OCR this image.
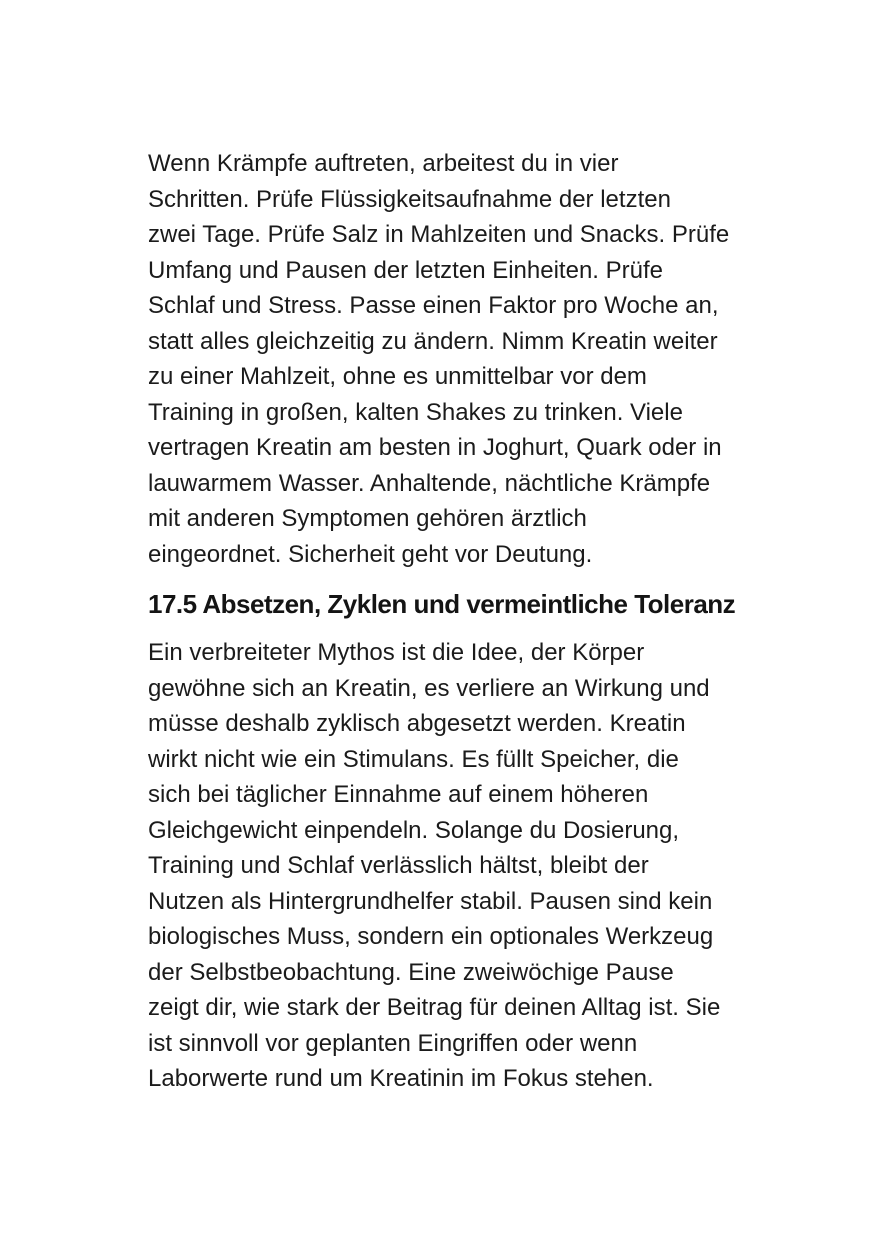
Wenn Krämpfe auftreten, arbeitest du in vier
Schritten. Prüfe Flüssigkeitsaufnahme der letzten
zwei Tage. Prüfe Salz in Mahlzeiten und Snacks. Prüfe
Umfang und Pausen der letzten Einheiten. Prüfe
Schlaf und Stress. Passe einen Faktor pro Woche an,
statt alles gleichzeitig zu ändern. Nimm Kreatin weiter
zu einer Mahlzeit, ohne es unmittelbar vor dem
Training in großen, kalten Shakes zu trinken. Viele
vertragen Kreatin am besten in Joghurt, Quark oder in
lauwarmem Wasser. Anhaltende, nächtliche Krämpfe
mit anderen Symptomen gehören ärztlich
eingeordnet. Sicherheit geht vor Deutung.
17.5 Absetzen, Zyklen und vermeintliche Toleranz
Ein verbreiteter Mythos ist die Idee, der Körper
gewöhne sich an Kreatin, es verliere an Wirkung und
müsse deshalb zyklisch abgesetzt werden. Kreatin
wirkt nicht wie ein Stimulans. Es füllt Speicher, die
sich bei täglicher Einnahme auf einem höheren
Gleichgewicht einpendeln. Solange du Dosierung,
Training und Schlaf verlässlich hältst, bleibt der
Nutzen als Hintergrundhelfer stabil. Pausen sind kein
biologisches Muss, sondern ein optionales Werkzeug
der Selbstbeobachtung. Eine zweiwöchige Pause
zeigt dir, wie stark der Beitrag für deinen Alltag ist. Sie
ist sinnvoll vor geplanten Eingriffen oder wenn
Laborwerte rund um Kreatinin im Fokus stehen.
